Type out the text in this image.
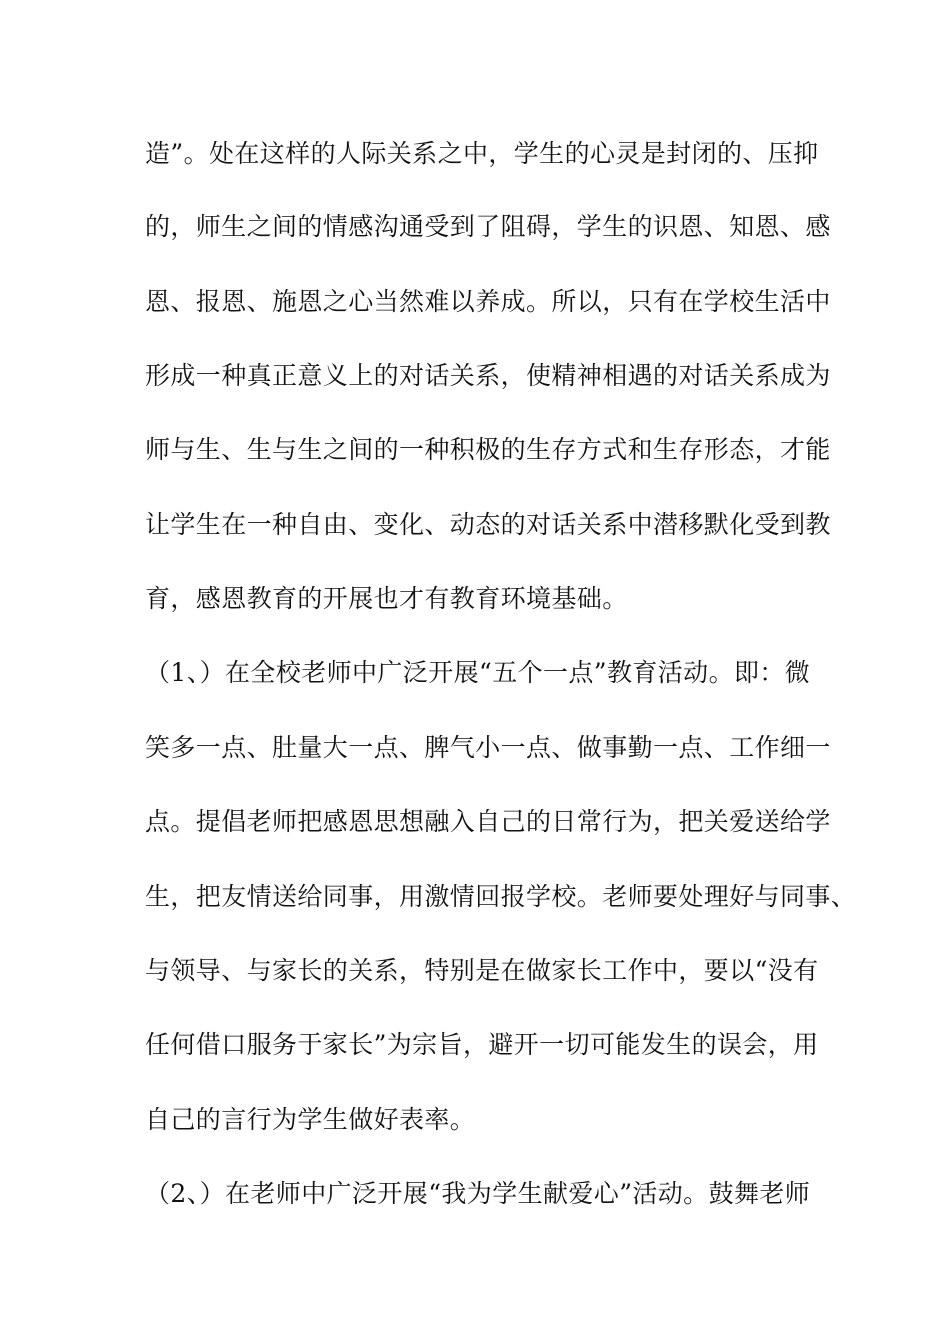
造”。处在这样的人际关系之中，学生的心灵是封闭的、压抑
的，师生之间的情感沟通受到了阻碍，学生的识恩、知恩、感
恩、报恩、施恩之心当然难以养成。所以，只有在学校生活中
形成一种真正意义上的对话关系，使精神相遇的对话关系成为
师与生、生与生之间的一种积极的生存方式和生存形态，才能
让学生在一种自由、变化、动态的对话关系中潜移默化受到教
育，感恩教育的开展也才有教育环境基础。
（1、）在全校老师中广泛开展“五个一点”教育活动。即：微
笑多一点、肚量大一点、脾气小一点、做事勤一点、工作细一
点。提倡老师把感恩思想融入自己的日常行为，把关爱送给学
生，把友情送给同事，用激情回报学校。老师要处理好与同事、
与领导、与家长的关系，特别是在做家长工作中，要以“没有
任何借口服务于家长”为宗旨，避开一切可能发生的误会，用
自己的言行为学生做好表率。
（2、）在老师中广泛开展“我为学生献爱心”活动。鼓舞老师
